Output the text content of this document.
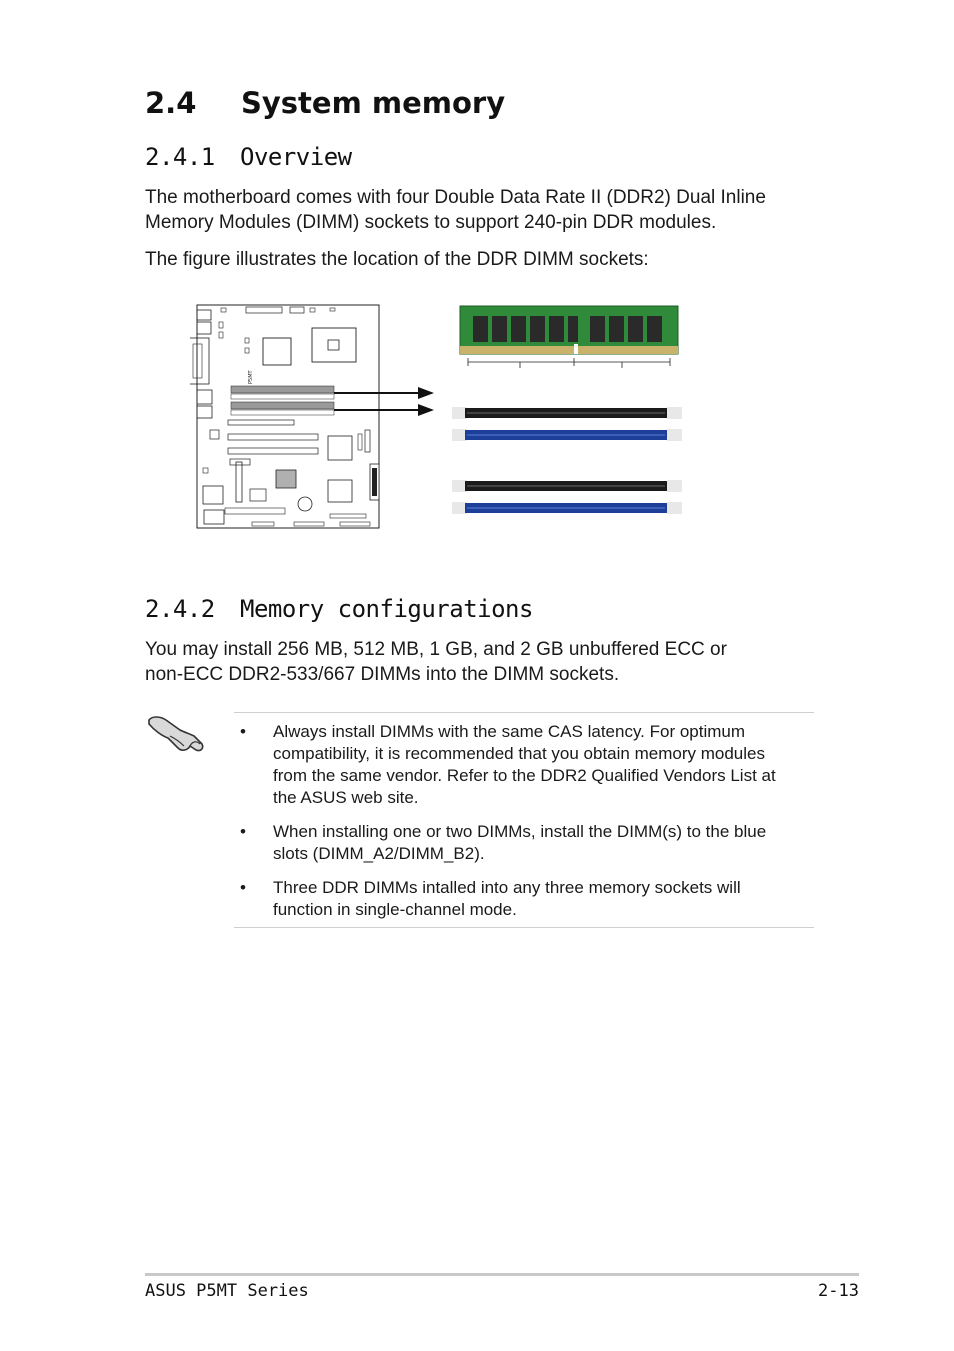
2.4 System memory
2.4.1 Overview
The motherboard comes with four Double Data Rate II (DDR2) Dual Inline
Memory Modules (DIMM) sockets to support 240-pin DDR modules.
The figure illustrates the location of the DDR DIMM sockets:
P5MT
2.4.2 Memory configurations
You may install 256 MB, 512 MB, 1 GB, and 2 GB unbuffered ECC or
non-ECC DDR2-533/667 DIMMs into the DIMM sockets.
• Always install DIMMs with the same CAS latency. For optimum
compatibility, it is recommended that you obtain memory modules
from the same vendor. Refer to the DDR2 Qualified Vendors List at
the ASUS web site.
• When installing one or two DIMMs, install the DIMM(s) to the blue
slots (DIMM_A2/DIMM_B2).
• Three DDR DIMMs intalled into any three memory sockets will
function in single-channel mode.
ASUS P5MT Series	2-13
